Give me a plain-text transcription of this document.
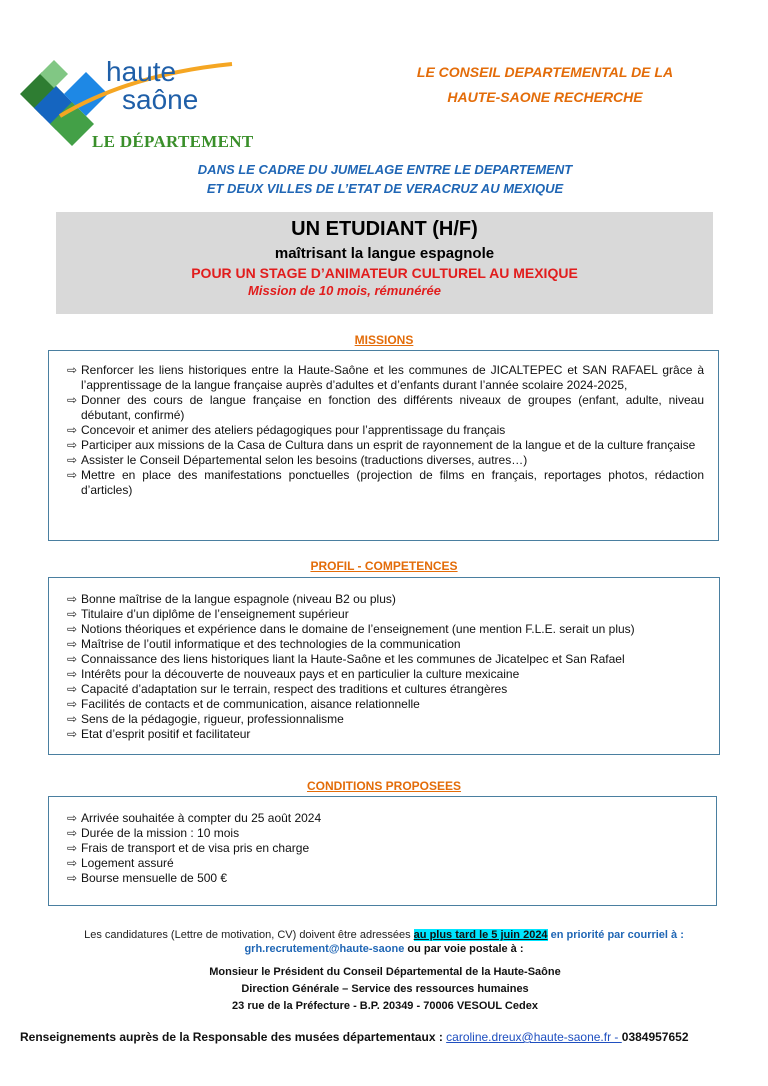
haute
saône
LE DÉPARTEMENT
LE CONSEIL DEPARTEMENTAL DE LA
HAUTE-SAONE RECHERCHE
DANS LE CADRE DU JUMELAGE ENTRE LE DEPARTEMENT
ET DEUX VILLES DE L’ETAT DE VERACRUZ AU MEXIQUE
UN ETUDIANT (H/F)
maîtrisant la langue espagnole
POUR UN STAGE D’ANIMATEUR CULTUREL AU MEXIQUE
Mission de 10 mois, rémunérée
MISSIONS
⇨ Renforcer les liens historiques entre la Haute-Saône et les communes de JICALTEPEC et SAN RAFAEL grâce à l’apprentissage de la langue française auprès d’adultes et d’enfants durant l’année scolaire 2024-2025,
⇨ Donner des cours de langue française en fonction des différents niveaux de groupes (enfant, adulte, niveau débutant, confirmé)
⇨ Concevoir et animer des ateliers pédagogiques pour l’apprentissage du français
⇨ Participer aux missions de la Casa de Cultura dans un esprit de rayonnement de la langue et de la culture française
⇨ Assister le Conseil Départemental selon les besoins (traductions diverses, autres…)
⇨ Mettre en place des manifestations ponctuelles (projection de films en français, reportages photos, rédaction d’articles)
PROFIL - COMPETENCES
⇨ Bonne maîtrise de la langue espagnole (niveau B2 ou plus)
⇨ Titulaire d’un diplôme de l’enseignement supérieur
⇨ Notions théoriques et expérience dans le domaine de l’enseignement (une mention F.L.E. serait un plus)
⇨ Maîtrise de l’outil informatique et des technologies de la communication
⇨ Connaissance des liens historiques liant la Haute-Saône et les communes de Jicatelpec et San Rafael
⇨ Intérêts pour la découverte de nouveaux pays et en particulier la culture mexicaine
⇨ Capacité d’adaptation sur le terrain, respect des traditions et cultures étrangères
⇨ Facilités de contacts et de communication, aisance relationnelle
⇨ Sens de la pédagogie, rigueur, professionnalisme
⇨ Etat d’esprit positif et facilitateur
CONDITIONS PROPOSEES
⇨ Arrivée souhaitée à compter du 25 août 2024
⇨ Durée de la mission : 10 mois
⇨ Frais de transport et de visa pris en charge
⇨ Logement assuré
⇨ Bourse mensuelle de 500 €
Les candidatures (Lettre de motivation, CV) doivent être adressées au plus tard le 5 juin 2024 en priorité par courriel à :
grh.recrutement@haute-saone ou par voie postale à :
Monsieur le Président du Conseil Départemental de la Haute-Saône
Direction Générale – Service des ressources humaines
23 rue de la Préfecture - B.P. 20349 - 70006 VESOUL Cedex
Renseignements auprès de la Responsable des musées départementaux : caroline.dreux@haute-saone.fr - 0384957652
